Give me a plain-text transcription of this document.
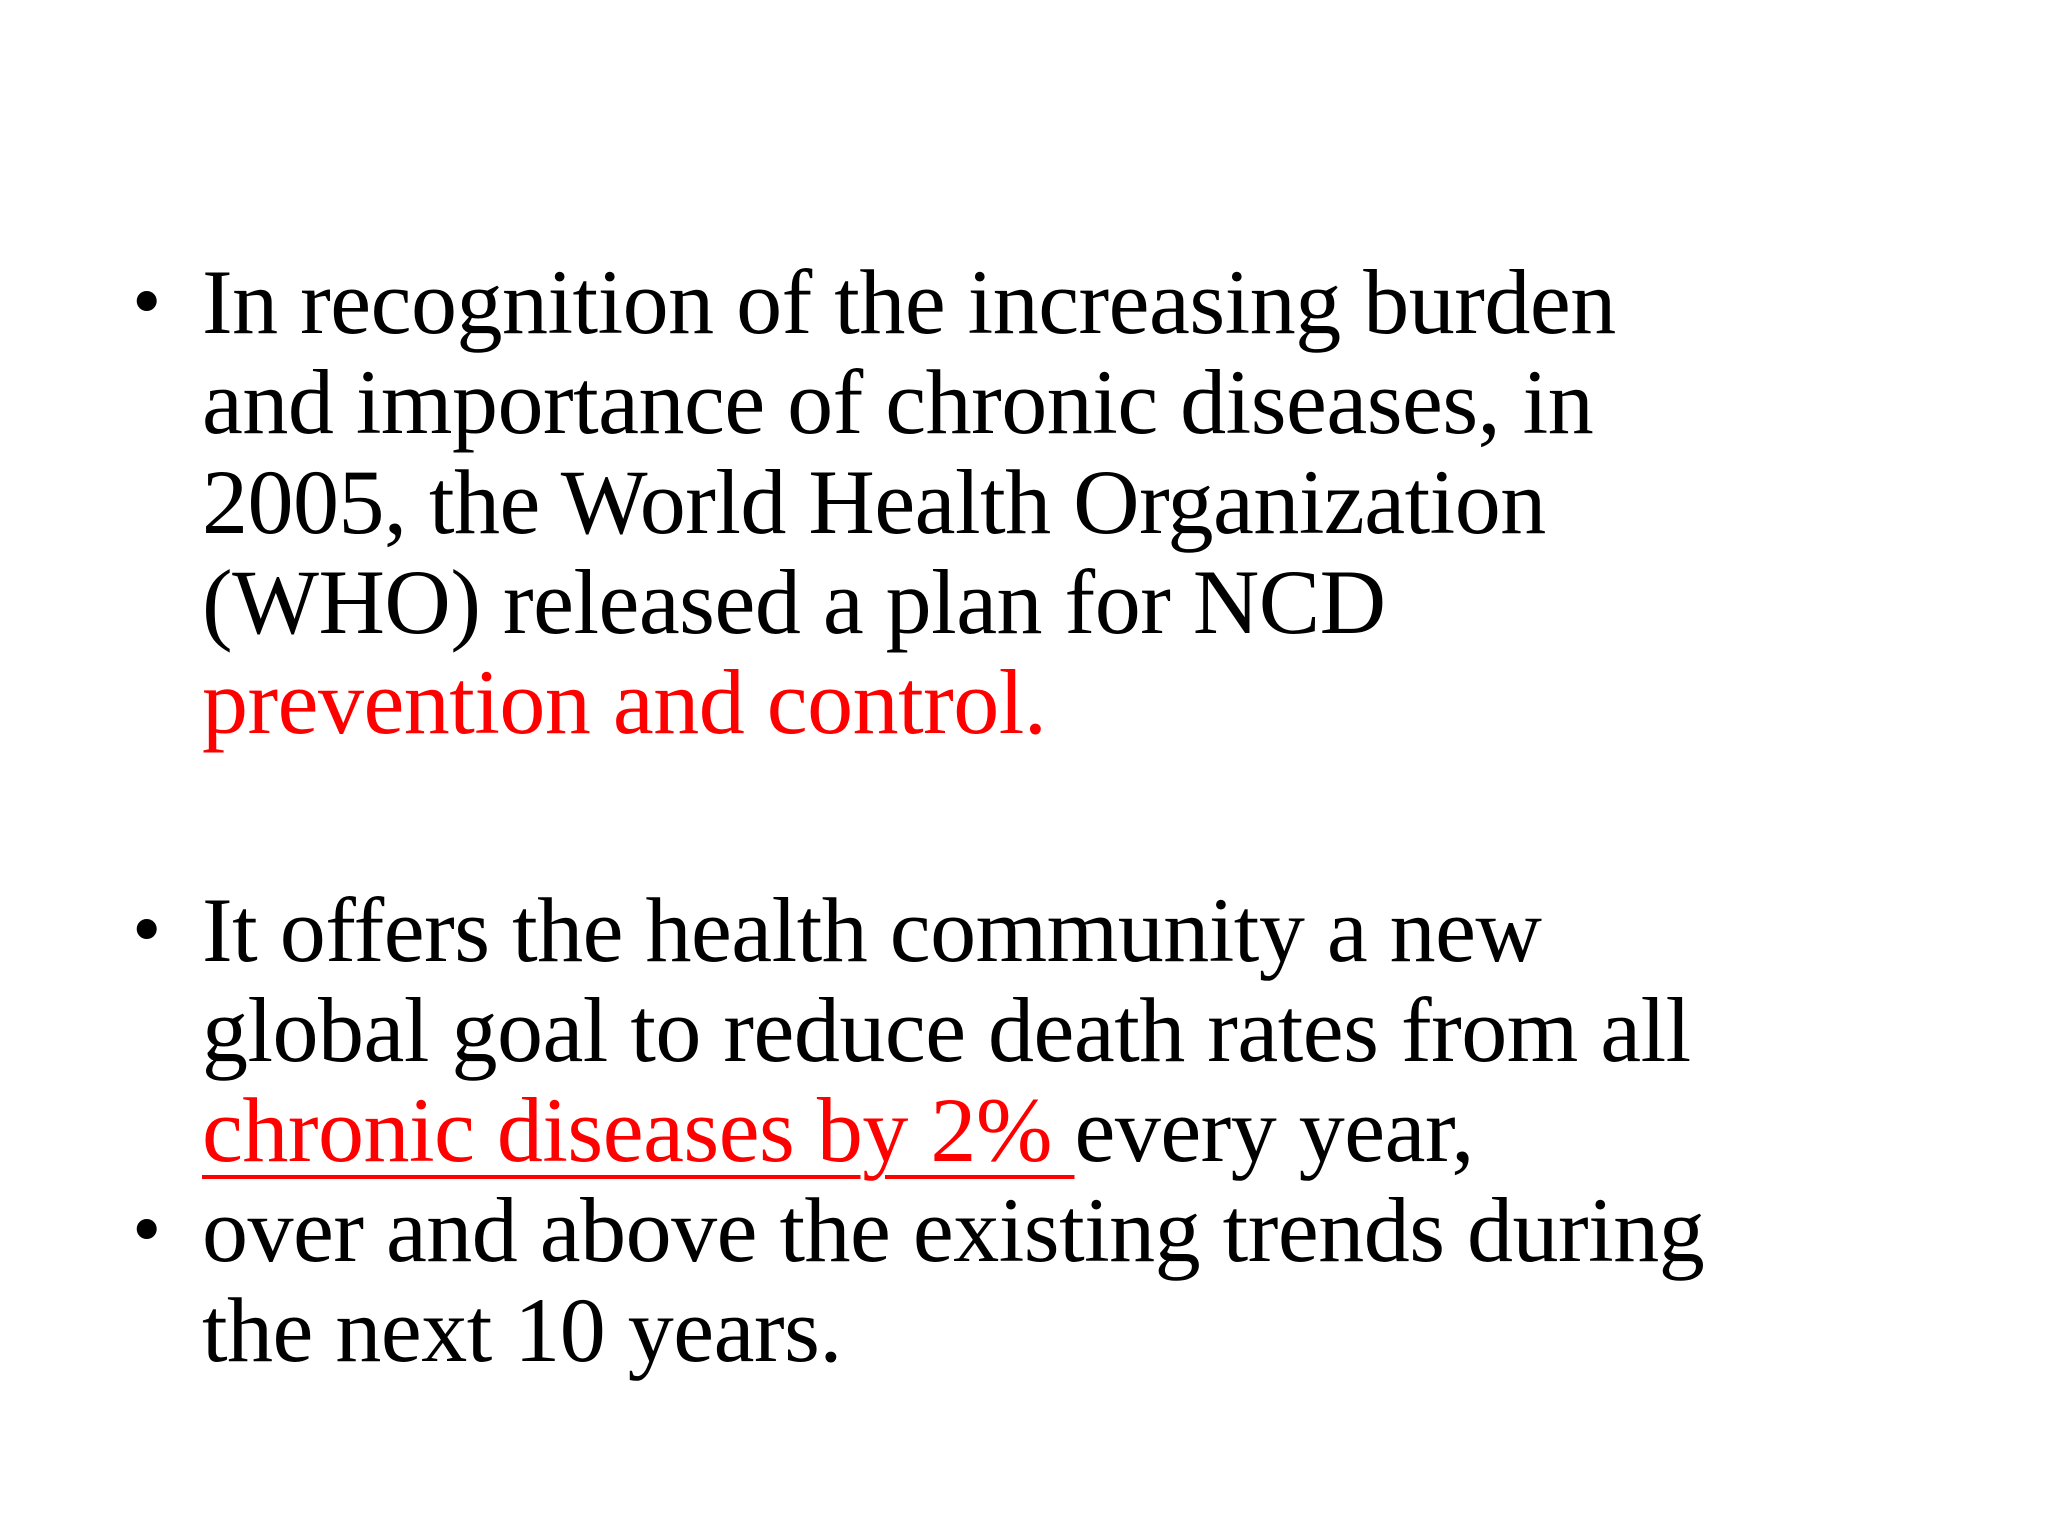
• In recognition of the increasing burden and importance of chronic diseases, in 2005, the World Health Organization (WHO) released a plan for NCD prevention and control.
• It offers the health community a new global goal to reduce death rates from all chronic diseases by 2% every year,
• over and above the existing trends during the next 10 years.
